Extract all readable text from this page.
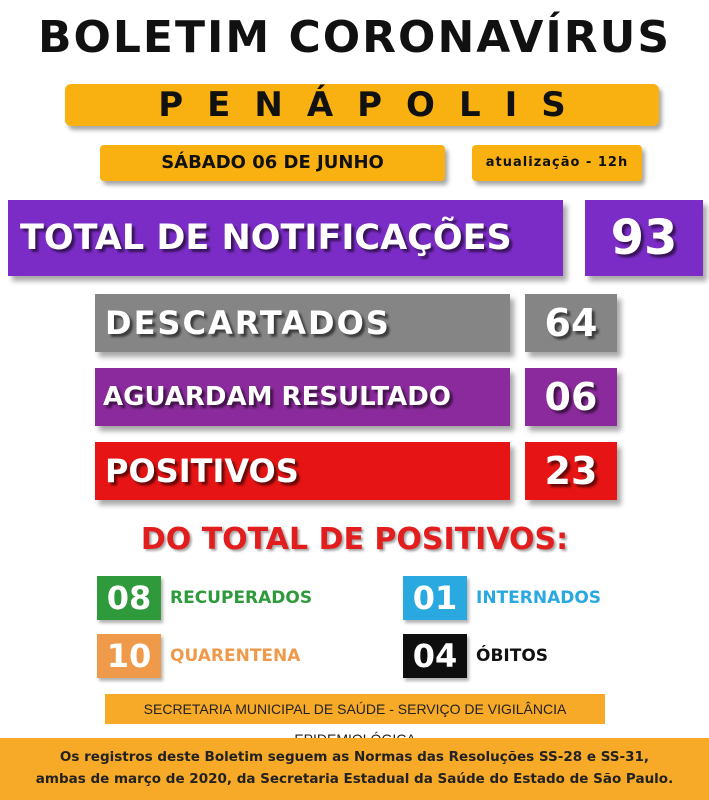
BOLETIM CORONAVÍRUS
PENÁPOLIS
SÁBADO 06 DE JUNHO	atualização - 12h
TOTAL DE NOTIFICAÇÕES	93
DESCARTADOS	64
AGUARDAM RESULTADO	06
POSITIVOS	23
DO TOTAL DE POSITIVOS:
08	RECUPERADOS	01	INTERNADOS
10	QUARENTENA	04	ÓBITOS
SECRETARIA MUNICIPAL DE SAÚDE - SERVIÇO DE VIGILÂNCIA
Os registros deste Boletim seguem as Normas das Resoluções SS-28 e SS-31,
ambas de março de 2020, da Secretaria Estadual da Saúde do Estado de São Paulo.
